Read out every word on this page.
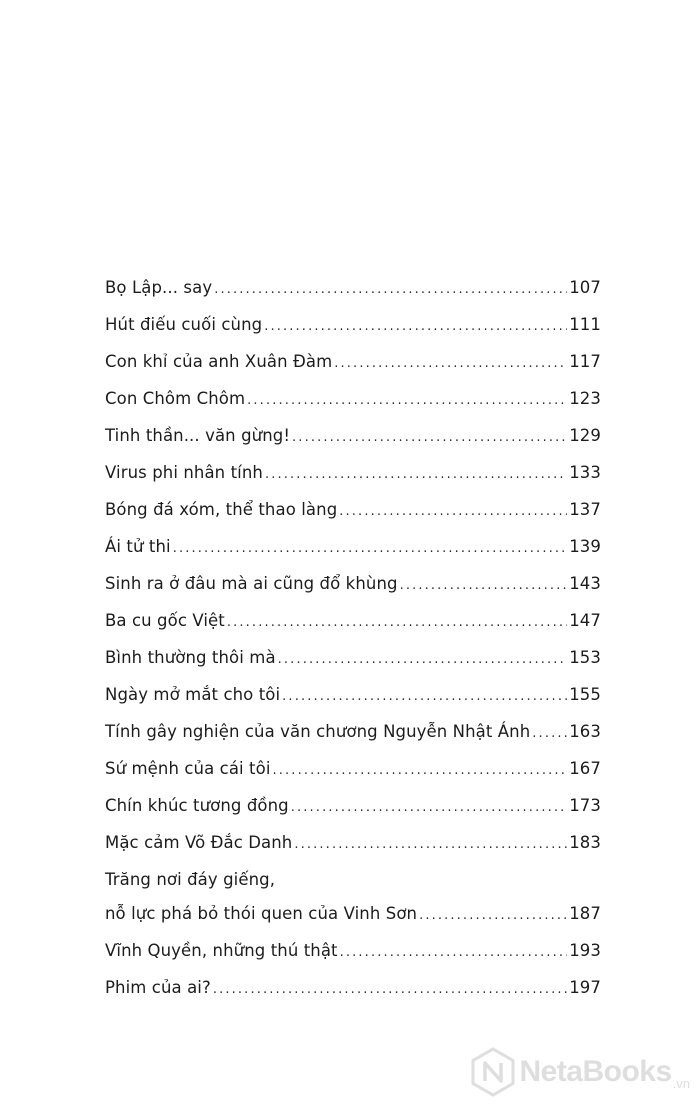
Bọ Lập... say . . .	107
Hút điếu cuối cùng . . .	111
Con khỉ của anh Xuân Đàm . . .	117
Con Chôm Chôm . . .	123
Tinh thần... văn gừng! . . .	129
Virus phi nhân tính . . .	133
Bóng đá xóm, thể thao làng . . .	137
Ái tử thi . . .	139
Sinh ra ở đâu mà ai cũng đổ khùng . . .	143
Ba cu gốc Việt . . .	147
Bình thường thôi mà . . .	153
Ngày mở mắt cho tôi . . .	155
Tính gây nghiện của văn chương Nguyễn Nhật Ánh . . . 163
Sứ mệnh của cái tôi . . .	167
Chín khúc tương đồng . . .	173
Mặc cảm Võ Đắc Danh . . .	183
Trăng nơi đáy giếng,
nỗ lực phá bỏ thói quen của Vinh Sơn . . .	187
Vĩnh Quyền, những thú thật . . .	193
Phim của ai? . . .	197
NetaBooks .vn
